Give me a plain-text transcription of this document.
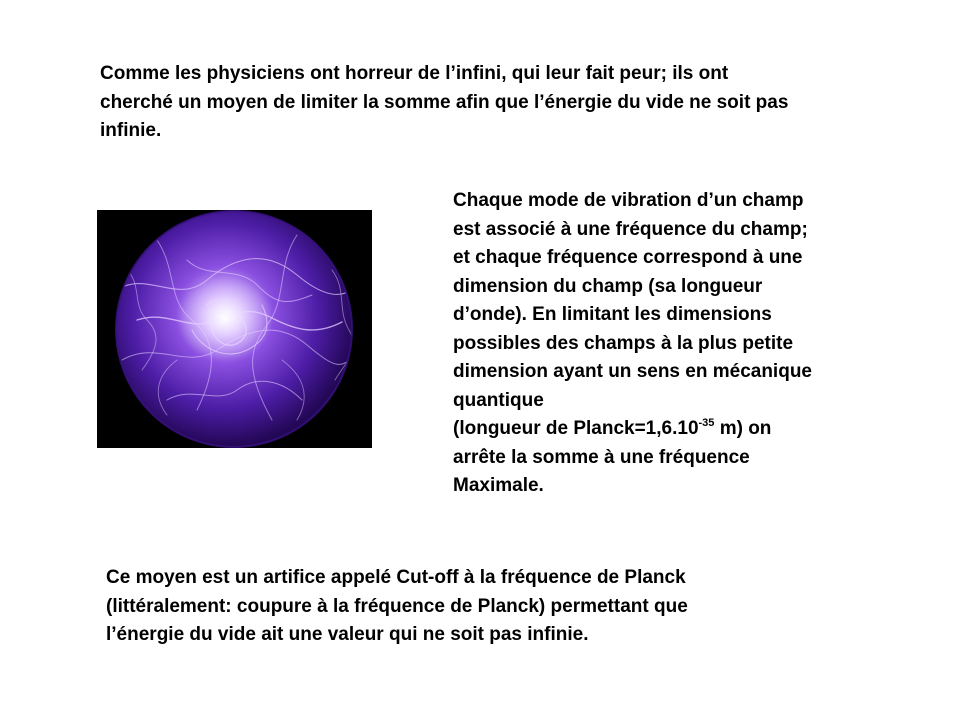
Comme les physiciens ont horreur de l’infini, qui leur fait peur; ils ont
cherché un moyen de limiter la somme afin que l’énergie du vide ne soit pas
infinie.
Chaque mode de vibration d’un champ
est associé à une fréquence du champ;
et chaque fréquence correspond à une
dimension du champ (sa longueur
d’onde). En limitant les dimensions
possibles des champs à la plus petite
dimension ayant un sens en mécanique
quantique
(longueur de $Planck=1,6.10^{-35}$ m) on
arrête la somme à une fréquence
Maximale.
Ce moyen est un artifice appelé Cut-off à la fréquence de Planck
(littéralement: coupure à la fréquence de Planck) permettant que
l’énergie du vide ait une valeur qui ne soit pas infinie.
